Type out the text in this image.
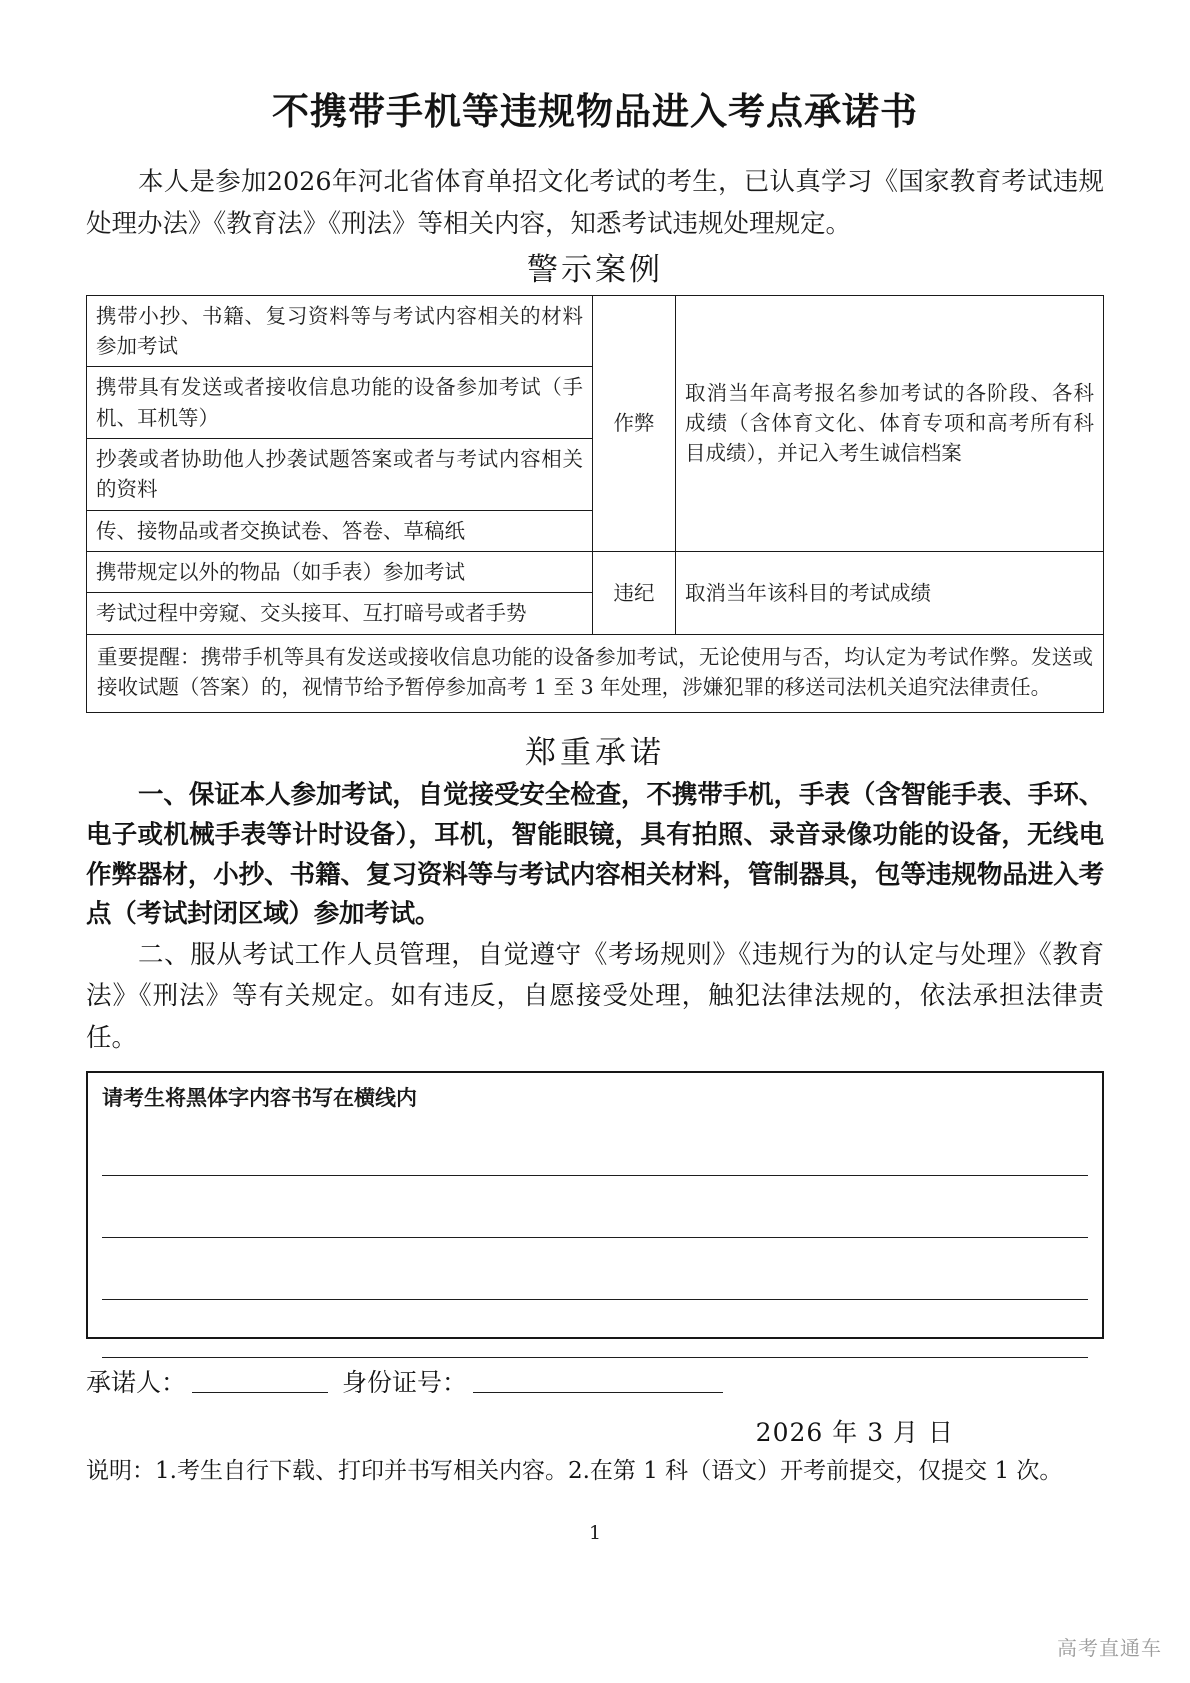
不携带手机等违规物品进入考点承诺书

本人是参加2026年河北省体育单招文化考试的考生，已认真学习《国家教育考试违规处理办法》《教育法》《刑法》等相关内容，知悉考试违规处理规定。

警示案例
携带小抄、书籍、复习资料等与考试内容相关的材料参加考试	作弊	取消当年高考报名参加考试的各阶段、各科成绩（含体育文化、体育专项和高考所有科目成绩），并记入考生诚信档案
携带具有发送或者接收信息功能的设备参加考试（手机、耳机等）		
抄袭或者协助他人抄袭试题答案或者与考试内容相关的资料		
传、接物品或者交换试卷、答卷、草稿纸		
携带规定以外的物品（如手表）参加考试	违纪	取消当年该科目的考试成绩
考试过程中旁窥、交头接耳、互打暗号或者手势		
重要提醒：携带手机等具有发送或接收信息功能的设备参加考试，无论使用与否，均认定为考试作弊。发送或接收试题（答案）的，视情节给予暂停参加高考 1 至 3 年处理，涉嫌犯罪的移送司法机关追究法律责任。		
郑重承诺

一、保证本人参加考试，自觉接受安全检查，不携带手机，手表（含智能手表、手环、电子或机械手表等计时设备），耳机，智能眼镜，具有拍照、录音录像功能的设备，无线电作弊器材，小抄、书籍、复习资料等与考试内容相关材料，管制器具，包等违规物品进入考点（考试封闭区域）参加考试。

二、服从考试工作人员管理，自觉遵守《考场规则》《违规行为的认定与处理》《教育法》《刑法》等有关规定。如有违反，自愿接受处理，触犯法律法规的，依法承担法律责任。

请考生将黑体字内容书写在横线内
承诺人：	身份证号：
2026 年 3 月 日
说明：1.考生自行下载、打印并书写相关内容。2.在第 1 科（语文）开考前提交，仅提交 1 次。
1
高考直通车
